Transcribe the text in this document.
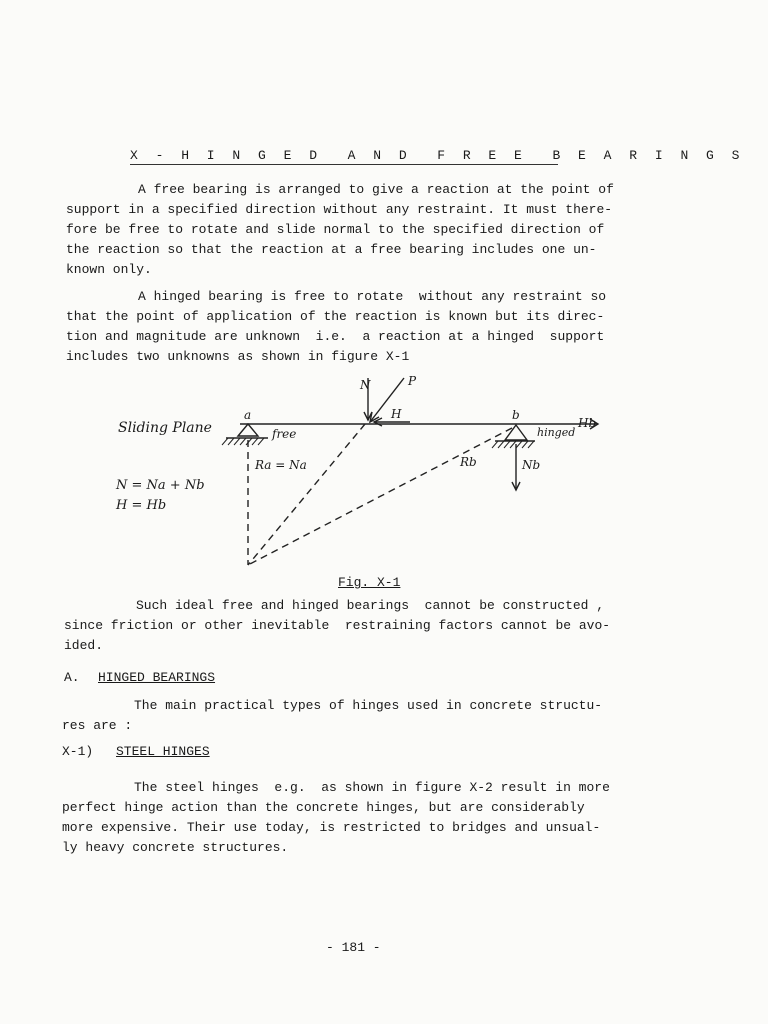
X - H I N G E D  A N D  F R E E  B E A R I N G S
A free bearing is arranged to give a reaction at the point of
support in a specified direction without any restraint. It must there-
fore be free to rotate and slide normal to the specified direction of
the reaction so that the reaction at a free bearing includes one un-
known only.
A hinged bearing is free to rotate  without any restraint so
that the point of application of the reaction is known but its direc-
tion and magnitude are unknown  i.e.  a reaction at a hinged  support
includes two unknowns as shown in figure X-1
N	P
H
a	b
Hb
Sliding Plane	free	hinged
Ra = Na	Rb	Nb
N = Na + Nb
H = Hb
Fig. X-1
Such ideal free and hinged bearings  cannot be constructed ,
since friction or other inevitable  restraining factors cannot be avo-
ided.
A. HINGED BEARINGS
The main practical types of hinges used in concrete structu-
res are :
X-1) STEEL HINGES
The steel hinges  e.g.  as shown in figure X-2 result in more
perfect hinge action than the concrete hinges, but are considerably
more expensive. Their use today, is restricted to bridges and unsual-
ly heavy concrete structures.
- 181 -
